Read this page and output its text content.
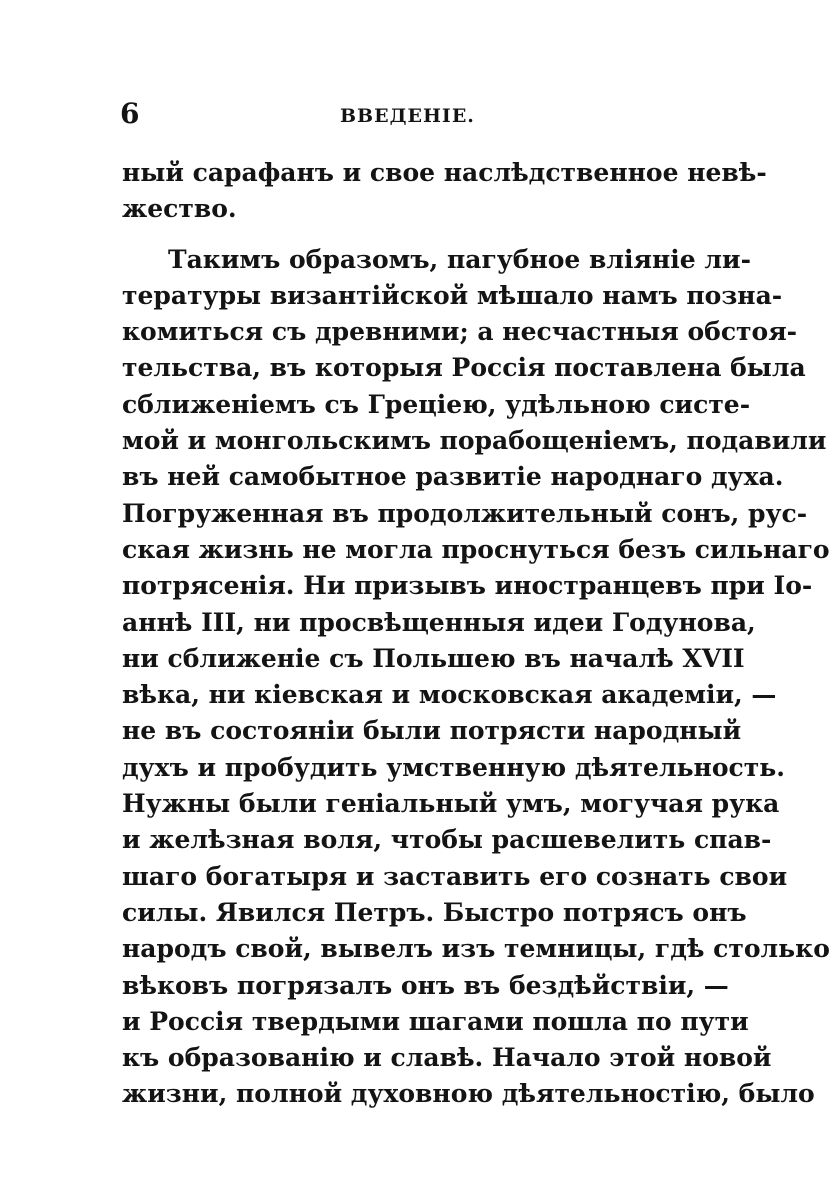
6	ВВЕДЕНІЕ.
ный сарафанъ и свое наслѣдственное невѣ-
жество.
Такимъ образомъ, пагубное вліяніе ли-
тературы византійской мѣшало намъ позна-
комиться съ древними; а несчастныя обстоя-
тельства, въ которыя Россія поставлена была
сближеніемъ съ Греціею, удѣльною систе-
мой и монгольскимъ порабощеніемъ, подавили
въ ней самобытное развитіе народнаго духа.
Погруженная въ продолжительный сонъ, рус-
ская жизнь не могла проснуться безъ сильнаго
потрясенія. Ни призывъ иностранцевъ при Іо-
аннѣ III, ни просвѣщенныя идеи Годунова,
ни сближеніе съ Польшею въ началѣ XVII
вѣка, ни кіевская и московская академіи, —
не въ состояніи были потрясти народный
духъ и пробудить умственную дѣятельность.
Нужны были геніальный умъ, могучая рука
и желѣзная воля, чтобы расшевелить спав-
шаго богатыря и заставить его сознать свои
силы. Явился Петръ. Быстро потрясъ онъ
народъ свой, вывелъ изъ темницы, гдѣ столько
вѣковъ погрязалъ онъ въ бездѣйствіи, —
и Россія твердыми шагами пошла по пути
къ образованію и славѣ. Начало этой новой
жизни, полной духовною дѣятельностію, было
